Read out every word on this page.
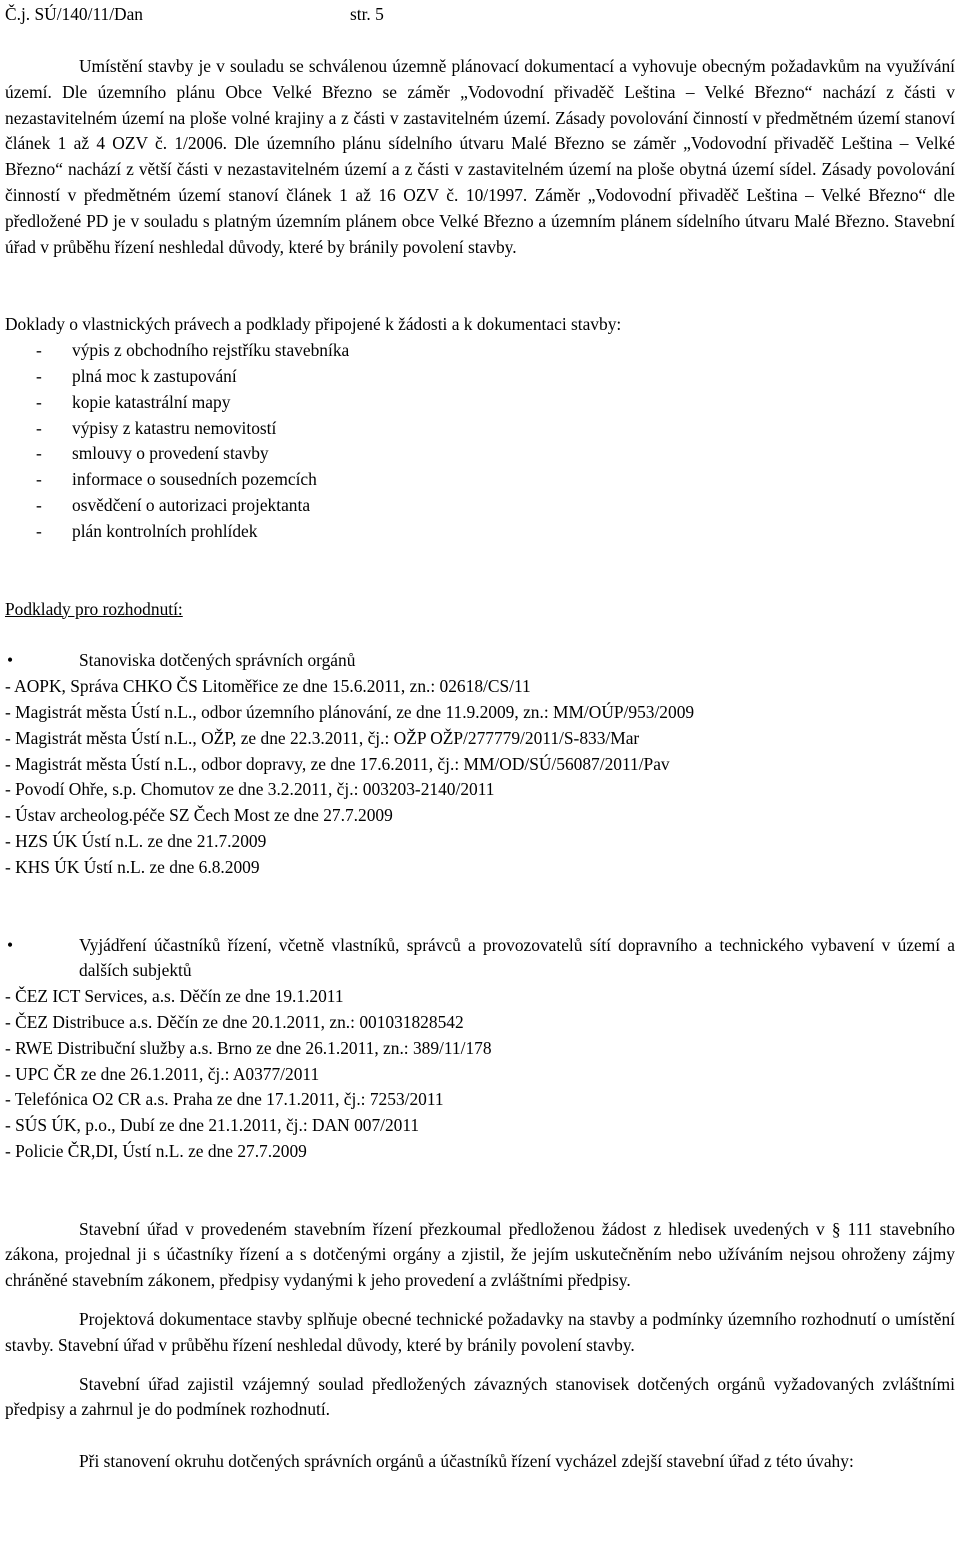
Č.j. SÚ/140/11/Dan	str. 5

Umístění stavby je v souladu se schválenou územně plánovací dokumentací a vyhovuje obecným požadavkům na využívání území. Dle územního plánu Obce Velké Březno se záměr „Vodovodní přivaděč Leština – Velké Březno“ nachází z části v nezastavitelném území na ploše volné krajiny a z části v zastavitelném území. Zásady povolování činností v předmětném území stanoví článek 1 až 4 OZV č. 1/2006. Dle územního plánu sídelního útvaru Malé Březno se záměr „Vodovodní přivaděč Leština – Velké Březno“ nachází z větší části v nezastavitelném území a z části v zastavitelném území na ploše obytná území sídel. Zásady povolování činností v předmětném území stanoví článek 1 až 16 OZV č. 10/1997. Záměr „Vodovodní přivaděč Leština – Velké Březno“ dle předložené PD je v souladu s platným územním plánem obce Velké Březno a územním plánem sídelního útvaru Malé Březno. Stavební úřad v průběhu řízení neshledal důvody, které by bránily povolení stavby.

Doklady o vlastnických právech a podklady připojené k žádosti a k dokumentaci stavby:

-	výpis z obchodního rejstříku stavebníka
-	plná moc k zastupování
-	kopie katastrální mapy
-	výpisy z katastru nemovitostí
-	smlouvy o provedení stavby
-	informace o sousedních pozemcích
-	osvědčení o autorizaci projektanta
-	plán kontrolních prohlídek

Podklady pro rozhodnutí:

•	Stanoviska dotčených správních orgánů
- AOPK, Správa CHKO ČS Litoměřice ze dne 15.6.2011, zn.: 02618/CS/11
- Magistrát města Ústí n.L., odbor územního plánování, ze dne 11.9.2009, zn.: MM/OÚP/953/2009
- Magistrát města Ústí n.L., OŽP, ze dne 22.3.2011, čj.: OŽP OŽP/277779/2011/S-833/Mar
- Magistrát města Ústí n.L., odbor dopravy, ze dne 17.6.2011, čj.: MM/OD/SÚ/56087/2011/Pav
- Povodí Ohře, s.p. Chomutov ze dne 3.2.2011, čj.: 003203-2140/2011
- Ústav archeolog.péče SZ Čech Most ze dne 27.7.2009
- HZS ÚK Ústí n.L. ze dne 21.7.2009
- KHS ÚK Ústí n.L. ze dne 6.8.2009
•	Vyjádření účastníků řízení, včetně vlastníků, správců a provozovatelů sítí dopravního a technického vybavení v území a dalších subjektů
- ČEZ ICT Services, a.s. Děčín ze dne 19.1.2011
- ČEZ Distribuce a.s. Děčín ze dne 20.1.2011, zn.: 001031828542
- RWE Distribuční služby a.s. Brno ze dne 26.1.2011, zn.: 389/11/178
- UPC ČR ze dne 26.1.2011, čj.: A0377/2011
- Telefónica O2 CR a.s. Praha ze dne 17.1.2011, čj.: 7253/2011
- SÚS ÚK, p.o., Dubí ze dne 21.1.2011, čj.: DAN 007/2011
- Policie ČR,DI, Ústí n.L. ze dne 27.7.2009

Stavební úřad v provedeném stavebním řízení přezkoumal předloženou žádost z hledisek uvedených v § 111 stavebního zákona, projednal ji s účastníky řízení a s dotčenými orgány a zjistil, že jejím uskutečněním nebo užíváním nejsou ohroženy zájmy chráněné stavebním zákonem, předpisy vydanými k jeho provedení a zvláštními předpisy.

Projektová dokumentace stavby splňuje obecné technické požadavky na stavby a podmínky územního rozhodnutí o umístění stavby. Stavební úřad v průběhu řízení neshledal důvody, které by bránily povolení stavby.

Stavební úřad zajistil vzájemný soulad předložených závazných stanovisek dotčených orgánů vyžadovaných zvláštními předpisy a zahrnul je do podmínek rozhodnutí.

Při stanovení okruhu dotčených správních orgánů a účastníků řízení vycházel zdejší stavební úřad z této úvahy:
